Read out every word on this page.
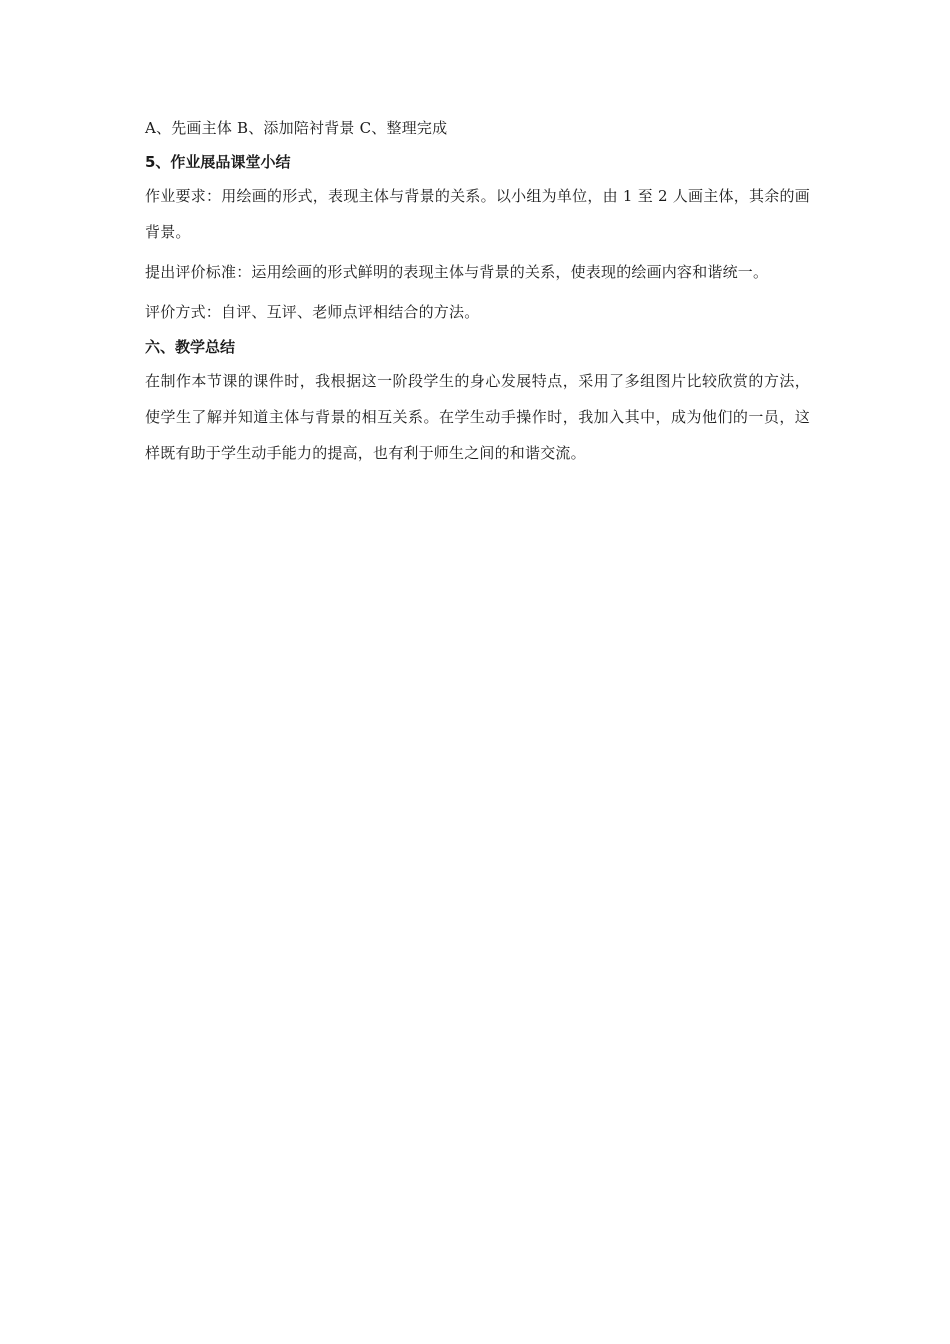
A、先画主体 B、添加陪衬背景 C、整理完成

5、作业展品课堂小结

作业要求：用绘画的形式，表现主体与背景的关系。以小组为单位，由 1 至 2 人画主体，其余的画背景。

提出评价标准：运用绘画的形式鲜明的表现主体与背景的关系，使表现的绘画内容和谐统一。

评价方式：自评、互评、老师点评相结合的方法。

六、教学总结

在制作本节课的课件时，我根据这一阶段学生的身心发展特点，采用了多组图片比较欣赏的方法，使学生了解并知道主体与背景的相互关系。在学生动手操作时，我加入其中，成为他们的一员，这样既有助于学生动手能力的提高，也有利于师生之间的和谐交流。
